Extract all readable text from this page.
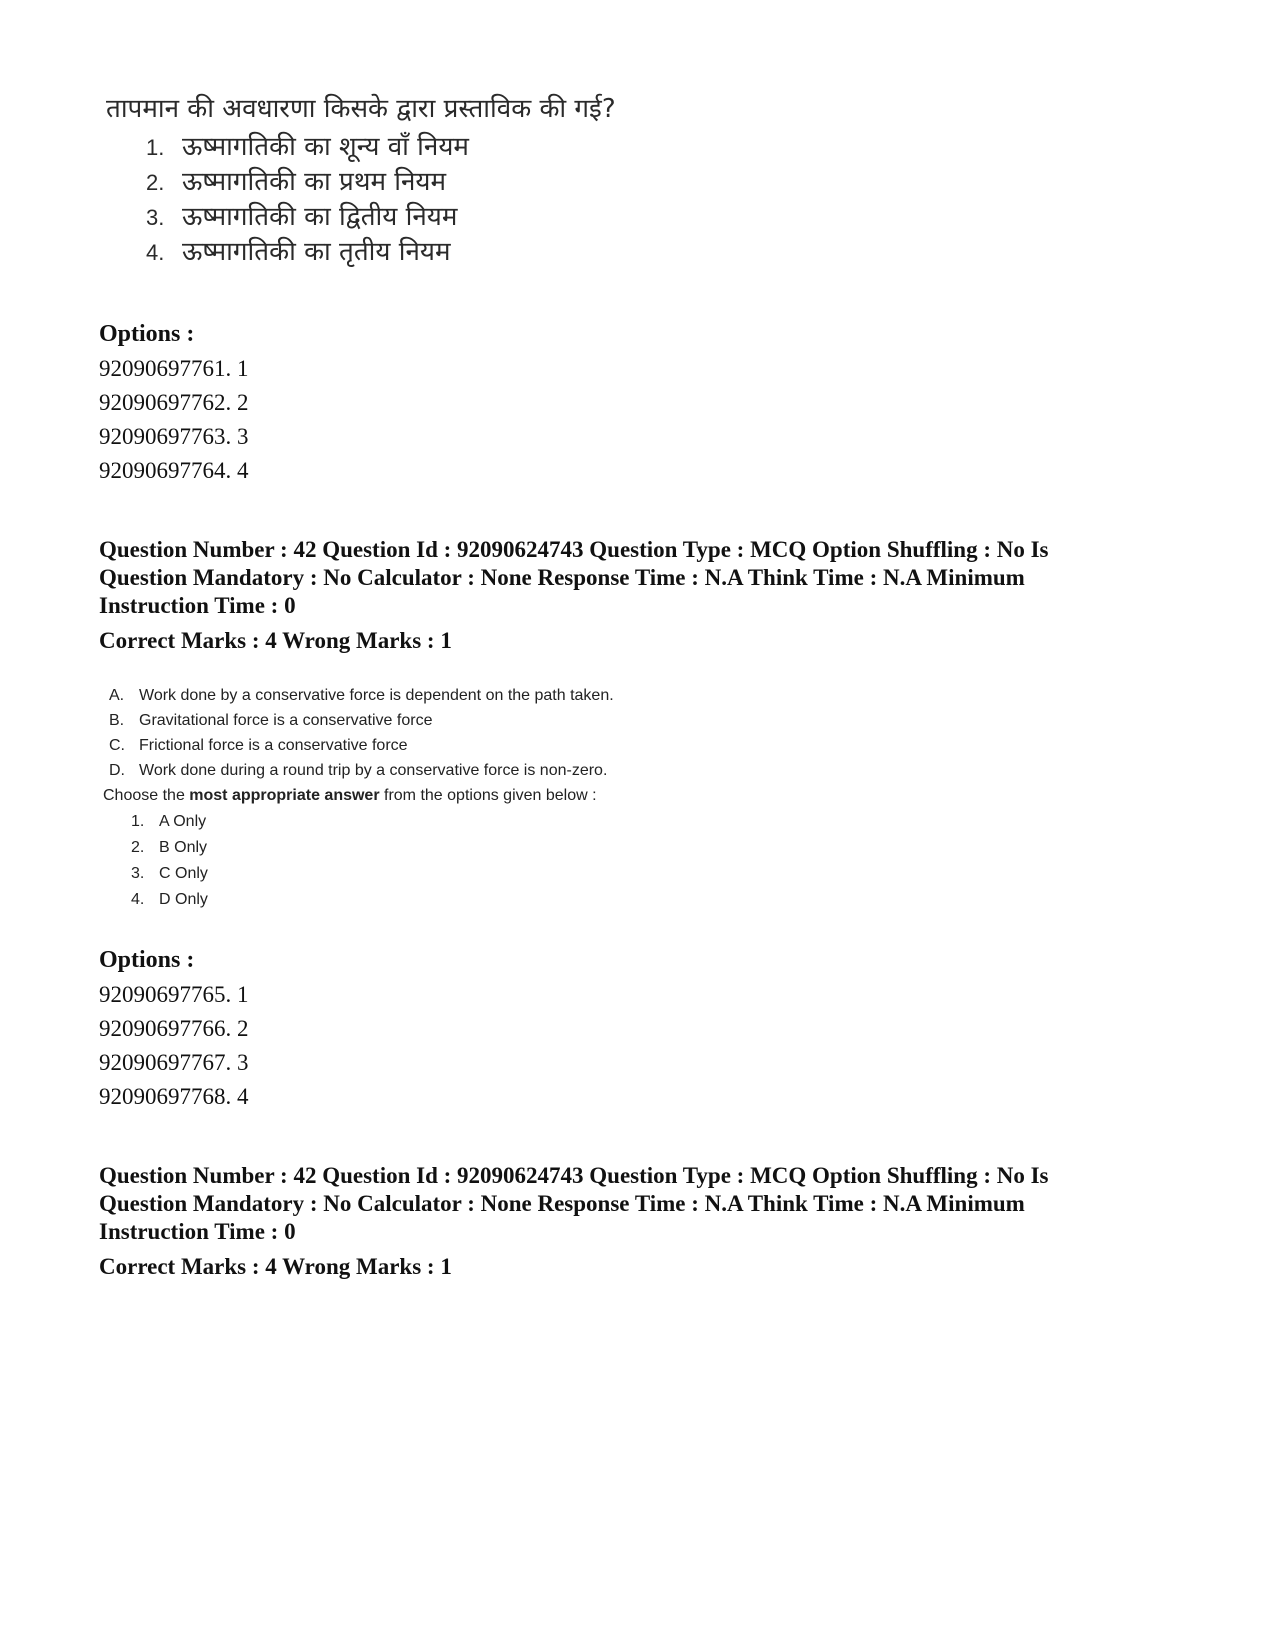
तापमान की अवधारणा किसके द्वारा प्रस्ताविक की गई?

1. ऊष्मागतिकी का शून्य वाँ नियम
2. ऊष्मागतिकी का प्रथम नियम
3. ऊष्मागतिकी का द्वितीय नियम
4. ऊष्मागतिकी का तृतीय नियम
Options :
92090697761. 1
92090697762. 2
92090697763. 3
92090697764. 4
Question Number : 42 Question Id : 92090624743 Question Type : MCQ Option Shuffling : No Is
Question Mandatory : No Calculator : None Response Time : N.A Think Time : N.A Minimum
Instruction Time : 0
Correct Marks : 4 Wrong Marks : 1
A. Work done by a conservative force is dependent on the path taken.
B. Gravitational force is a conservative force
C. Frictional force is a conservative force
D. Work done during a round trip by a conservative force is non-zero.

Choose the most appropriate answer from the options given below :

1. A Only
2. B Only
3. C Only
4. D Only
Options :
92090697765. 1
92090697766. 2
92090697767. 3
92090697768. 4
Question Number : 42 Question Id : 92090624743 Question Type : MCQ Option Shuffling : No Is
Question Mandatory : No Calculator : None Response Time : N.A Think Time : N.A Minimum
Instruction Time : 0
Correct Marks : 4 Wrong Marks : 1
